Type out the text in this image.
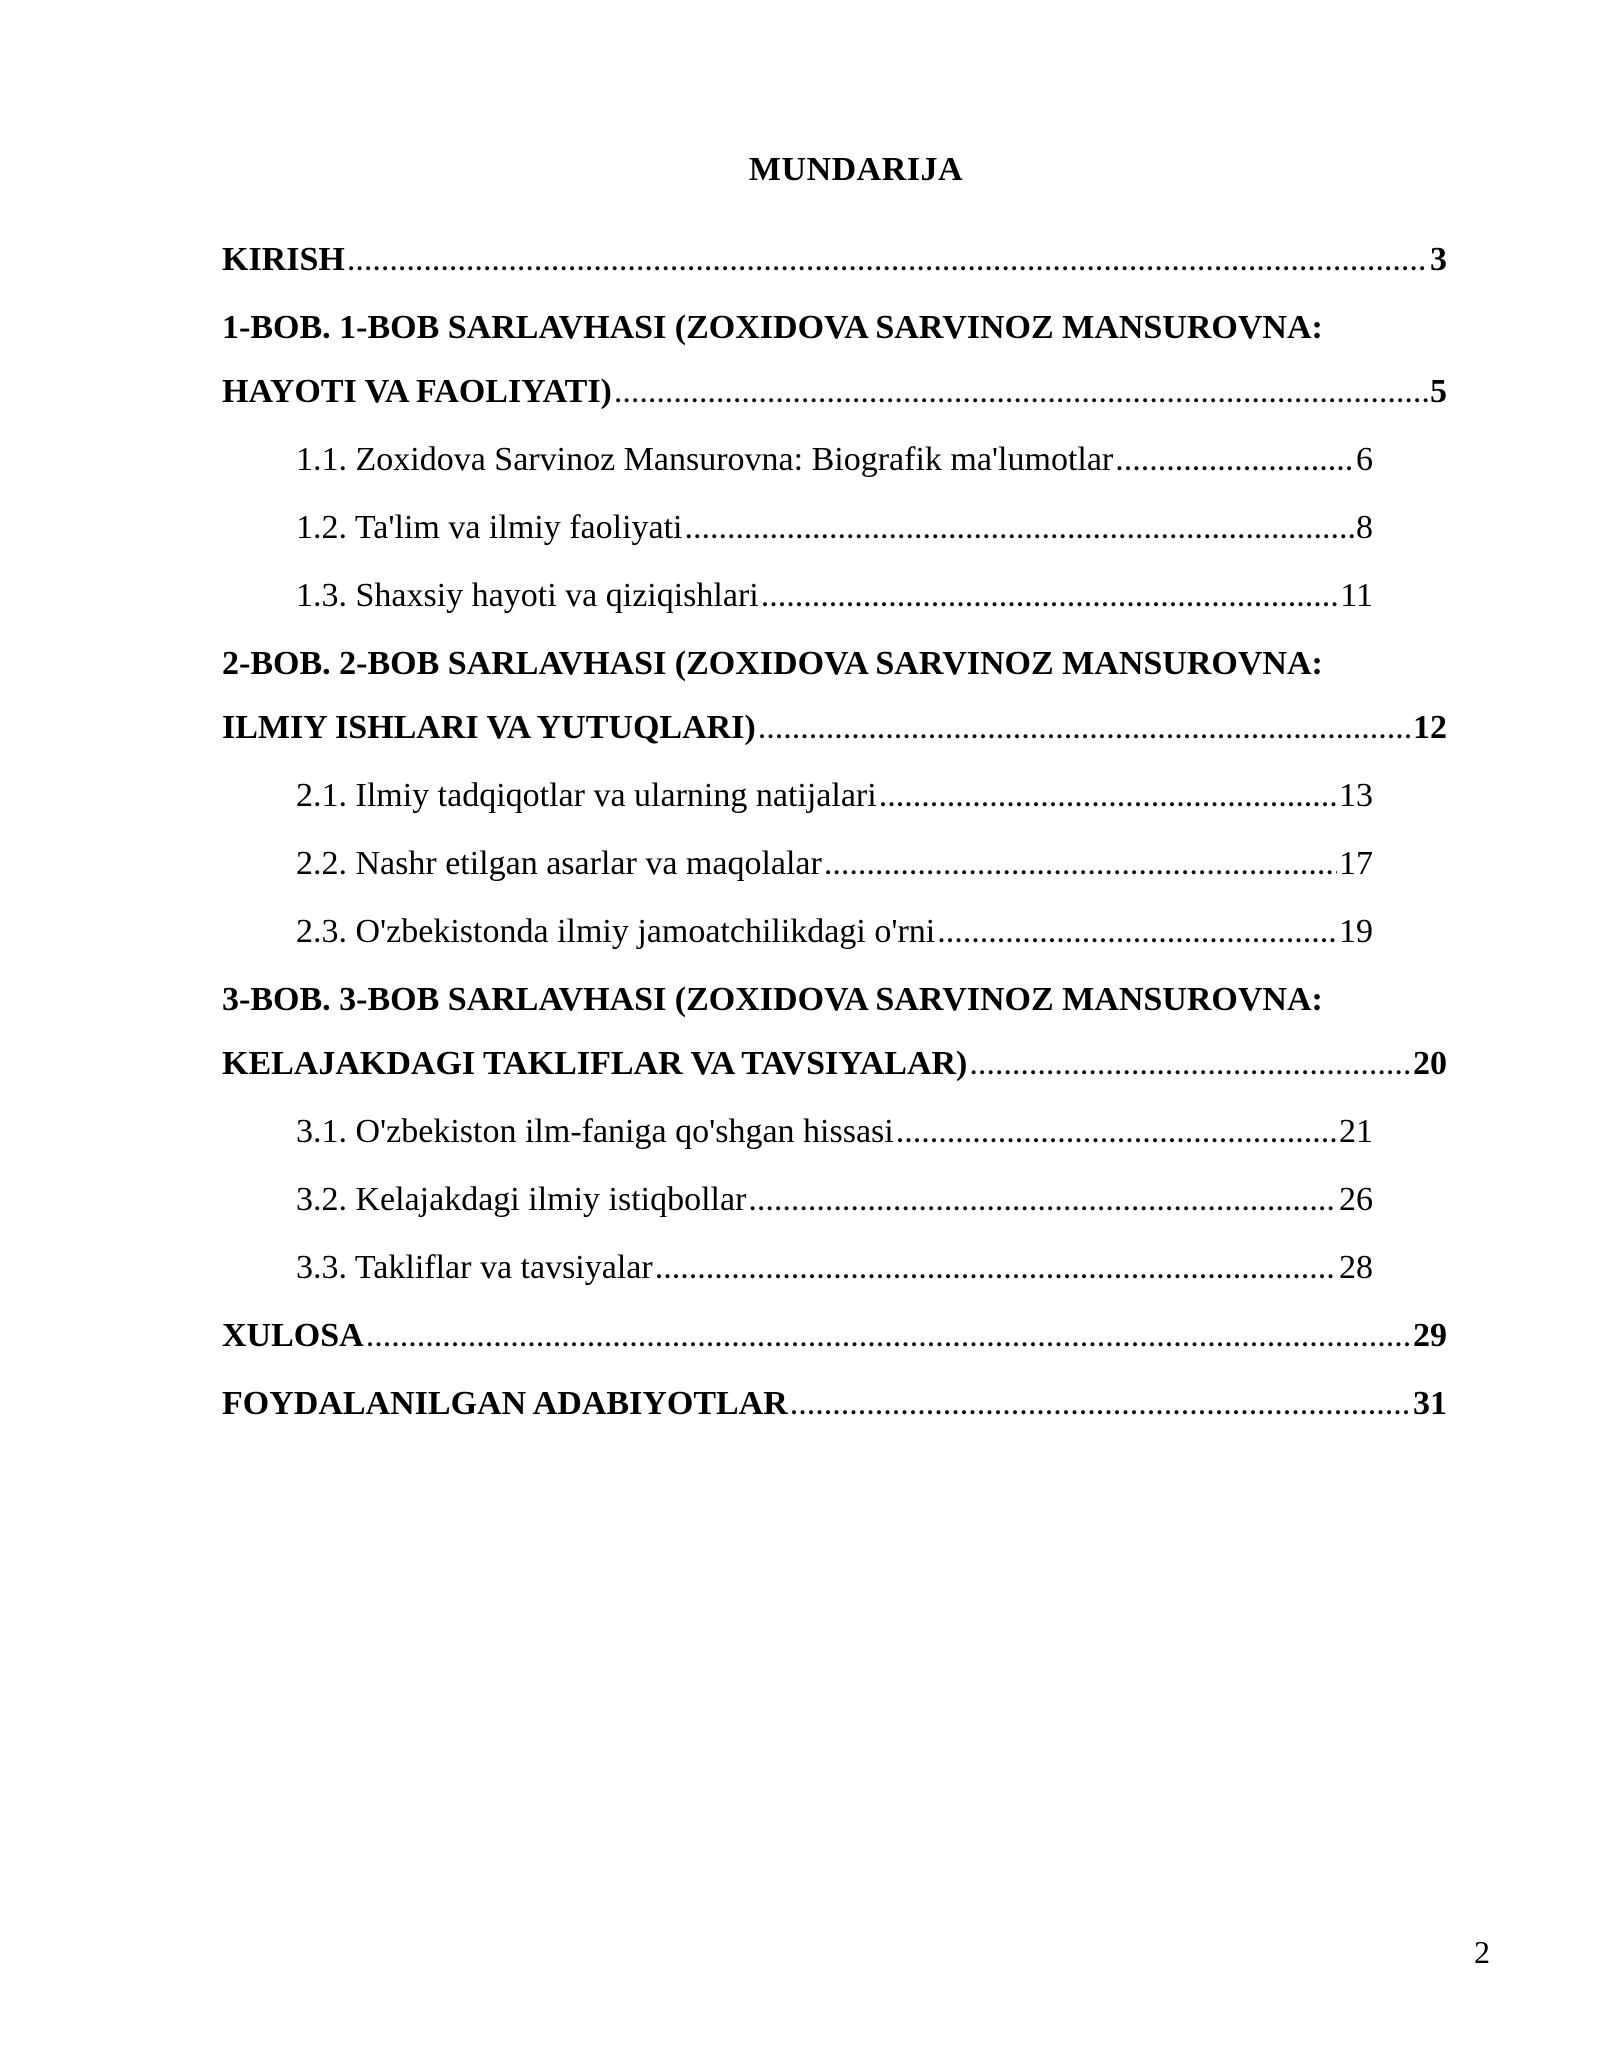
MUNDARIJA
KIRISH .....	3
1-BOB. 1-BOB SARLAVHASI (ZOXIDOVA SARVINOZ MANSUROVNA:
HAYOTI VA FAOLIYATI) .....	5
1.1. Zoxidova Sarvinoz Mansurovna: Biografik ma'lumotlar .....	6
1.2. Ta'lim va ilmiy faoliyati .....	8
1.3. Shaxsiy hayoti va qiziqishlari .....	11
2-BOB. 2-BOB SARLAVHASI (ZOXIDOVA SARVINOZ MANSUROVNA:
ILMIY ISHLARI VA YUTUQLARI) .....	12
2.1. Ilmiy tadqiqotlar va ularning natijalari .....	13
2.2. Nashr etilgan asarlar va maqolalar .....	17
2.3. O'zbekistonda ilmiy jamoatchilikdagi o'rni .....	19
3-BOB. 3-BOB SARLAVHASI (ZOXIDOVA SARVINOZ MANSUROVNA:
KELAJAKDAGI TAKLIFLAR VA TAVSIYALAR) .....	20
3.1. O'zbekiston ilm-faniga qo'shgan hissasi .....	21
3.2. Kelajakdagi ilmiy istiqbollar .....	26
3.3. Takliflar va tavsiyalar .....	28
XULOSA .....	29
FOYDALANILGAN ADABIYOTLAR .....	31
2
